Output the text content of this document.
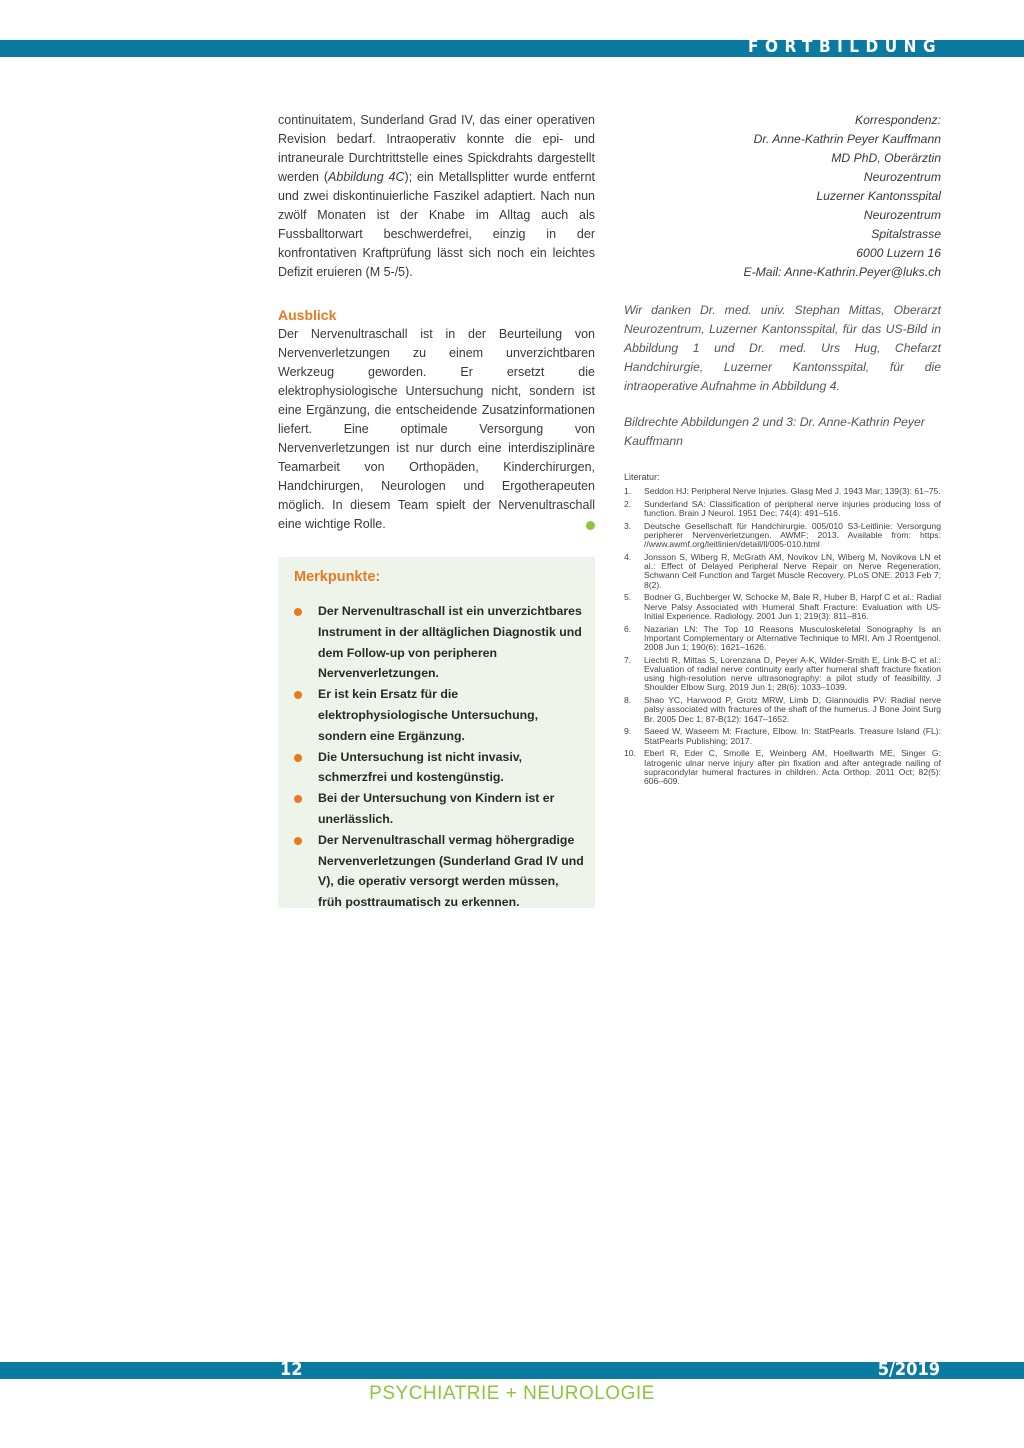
FORTBILDUNG

continuitatem, Sunderland Grad IV, das einer operativen Revision bedarf. Intraoperativ konnte die epi- und intraneurale Durchtrittstelle eines Spickdrahts dargestellt werden (Abbildung 4C); ein Metallsplitter wurde entfernt und zwei diskontinuierliche Faszikel adaptiert. Nach nun zwölf Monaten ist der Knabe im Alltag auch als Fussballtorwart beschwerdefrei, einzig in der konfrontativen Kraftprüfung lässt sich noch ein leichtes Defizit eruieren (M 5-/5).

Ausblick

Der Nervenultraschall ist in der Beurteilung von Nervenverletzungen zu einem unverzichtbaren Werkzeug geworden. Er ersetzt die elektrophysiologische Untersuchung nicht, sondern ist eine Ergänzung, die entscheidende Zusatzinformationen liefert. Eine optimale Versorgung von Nervenverletzungen ist nur durch eine interdisziplinäre Teamarbeit von Orthopäden, Kinderchirurgen, Handchirurgen, Neurologen und Ergotherapeuten möglich. In diesem Team spielt der Nervenultraschall eine wichtige Rolle.

Merkpunkte:
Der Nervenultraschall ist ein unverzichtbares Instrument in der alltäglichen Diagnostik und dem Follow-up von peripheren Nervenverletzungen.
Er ist kein Ersatz für die elektrophysiologische Untersuchung, sondern eine Ergänzung.
Die Untersuchung ist nicht invasiv, schmerzfrei und kostengünstig.
Bei der Untersuchung von Kindern ist er unerlässlich.
Der Nervenultraschall vermag höhergradige Nervenverletzungen (Sunderland Grad IV und V), die operativ versorgt werden müssen, früh posttraumatisch zu erkennen.
Korrespondenz:
Dr. Anne-Kathrin Peyer Kauffmann
MD PhD, Oberärztin
Neurozentrum
Luzerner Kantonsspital
Neurozentrum
Spitalstrasse
6000 Luzern 16
E-Mail: Anne-Kathrin.Peyer@luks.ch

Wir danken Dr. med. univ. Stephan Mittas, Oberarzt Neurozentrum, Luzerner Kantonsspital, für das US-Bild in Abbildung 1 und Dr. med. Urs Hug, Chefarzt Handchirurgie, Luzerner Kantonsspital, für die intraoperative Aufnahme in Abbildung 4.

Bildrechte Abbildungen 2 und 3: Dr. Anne-Kathrin Peyer Kauffmann

Literatur:
1. Seddon HJ: Peripheral Nerve Injuries. Glasg Med J. 1943 Mar; 139(3): 61–75.
2. Sunderland SA: Classification of peripheral nerve injuries producing loss of function. Brain J Neurol. 1951 Dec; 74(4): 491–516.
3. Deutsche Gesellschaft für Handchirurgie. 005/010 S3-Leitlinie: Versorgung peripherer Nervenverletzungen. AWMF; 2013. Available from: https: //www.awmf.org/leitlinien/detail/ll/005-010.html
4. Jonsson S, Wiberg R, McGrath AM, Novikov LN, Wiberg M, Novikova LN et al.: Effect of Delayed Peripheral Nerve Repair on Nerve Regeneration, Schwann Cell Function and Target Muscle Recovery. PLoS ONE. 2013 Feb 7; 8(2).
5. Bodner G, Buchberger W, Schocke M, Bale R, Huber B, Harpf C et al.: Radial Nerve Palsy Associated with Humeral Shaft Fracture: Evaluation with US-Initial Experience. Radiology. 2001 Jun 1; 219(3): 811–816.
6. Nazarian LN: The Top 10 Reasons Musculoskeletal Sonography Is an Important Complementary or Alternative Technique to MRI. Am J Roentgenol. 2008 Jun 1; 190(6): 1621–1626.
7. Liechti R, Mittas S, Lorenzana D, Peyer A-K, Wilder-Smith E, Link B-C et al.: Evaluation of radial nerve continuity early after humeral shaft fracture fixation using high-resolution nerve ultrasonography: a pilot study of feasibility. J Shoulder Elbow Surg. 2019 Jun 1; 28(6): 1033–1039.
8. Shao YC, Harwood P, Grotz MRW, Limb D, Giannoudis PV: Radial nerve palsy associated with fractures of the shaft of the humerus. J Bone Joint Surg Br. 2005 Dec 1; 87-B(12): 1647–1652.
9. Saeed W, Waseem M: Fracture, Elbow. In: StatPearls. Treasure Island (FL): StatPearls Publishing; 2017.
10. Eberl R, Eder C, Smolle E, Weinberg AM, Hoellwarth ME, Singer G: Iatrogenic ulnar nerve injury after pin fixation and after antegrade nailing of supracondylar humeral fractures in children. Acta Orthop. 2011 Oct; 82(5): 606–609.
12	5/2019
PSYCHIATRIE + NEUROLOGIE
